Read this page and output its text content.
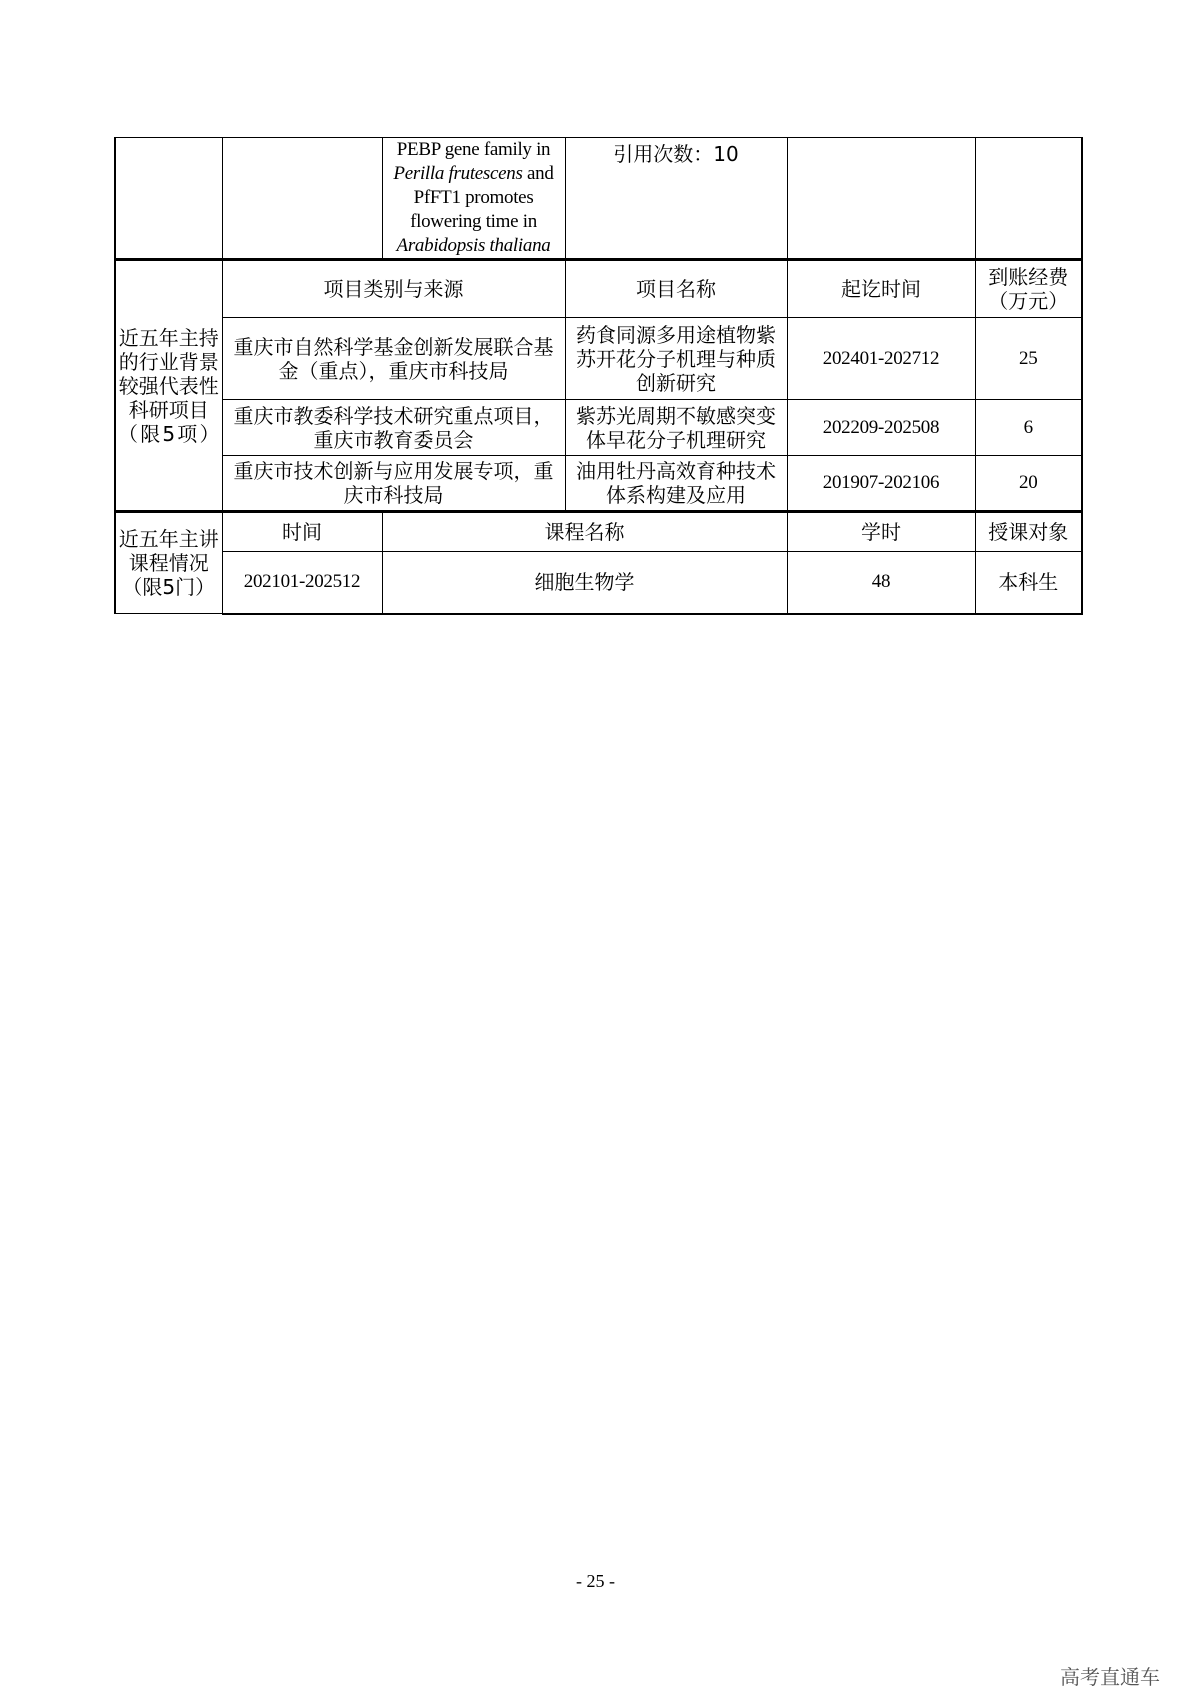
		PEBP gene family in Perilla frutescens and PfFT1 promotes flowering time in Arabidopsis thaliana	引用次数：10		
近五年主持的行业背景较强代表性科研项目（限5项）	项目类别与来源		项目名称	起讫时间	到账经费（万元）
	重庆市自然科学基金创新发展联合基金（重点），重庆市科技局		药食同源多用途植物紫苏开花分子机理与种质创新研究	202401-202712	25
	重庆市教委科学技术研究重点项目，重庆市教育委员会		紫苏光周期不敏感突变体早花分子机理研究	202209-202508	6
	重庆市技术创新与应用发展专项，重庆市科技局		油用牡丹高效育种技术体系构建及应用	201907-202106	20
近五年主讲课程情况（限5门）	时间	课程名称		学时	授课对象
	202101-202512	细胞生物学		48	本科生
- 25 -
高考直通车
